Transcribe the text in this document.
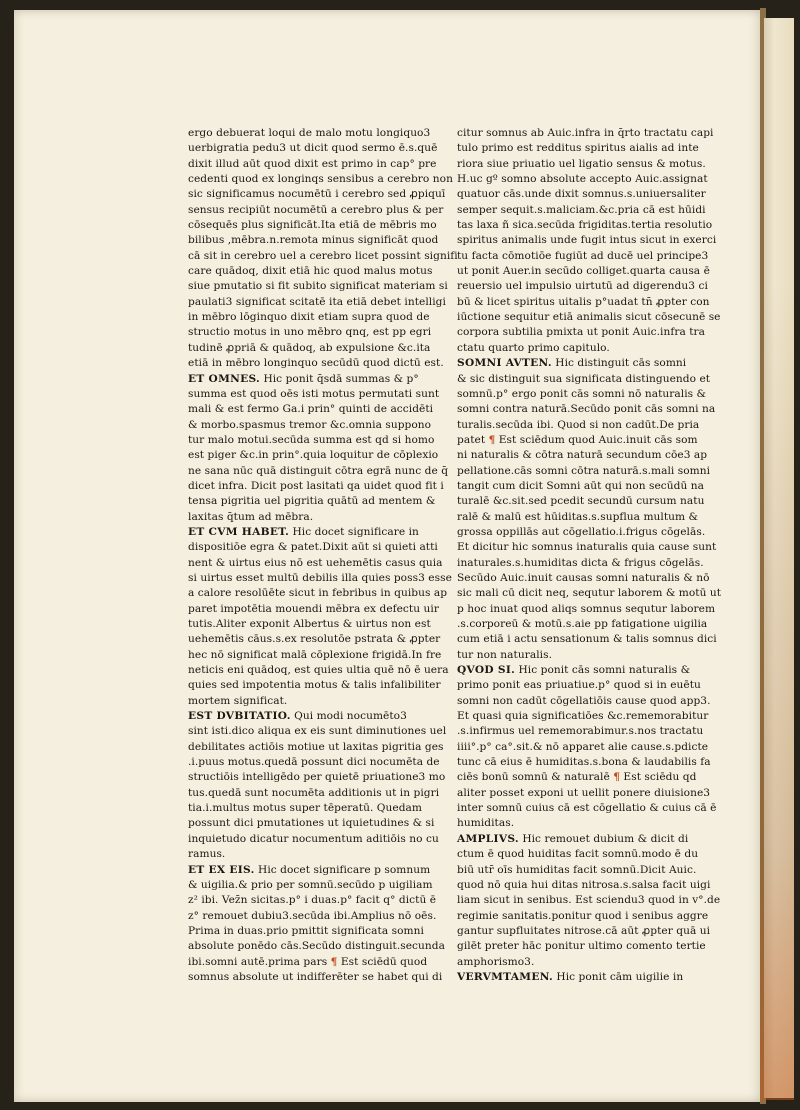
ergo debuerat loqui de malo motu longiquo3
uerbigratia pedu3 ut dicit quod sermo ē.s.quē
dixit illud aūt quod dixit est primo in cap° pre
cedenti quod ex longinqs sensibus a cerebro non
sic significamus nocumētū i cerebro sed ꝓpiquī
sensus recipiūt nocumētū a cerebro plus & per
cōsequēs plus significāt.Ita etiā de mēbris mo
bilibus ,mēbra.n.remota minus significāt quod
cā sit in cerebro uel a cerebro licet possint signifi
care quādoq, dixit etiā hic quod malus motus
siue pmutatio si fit subito significat materiam si
paulati3 significat scitatē ita etiā debet intelligi
in mēbro lōginquo dixit etiam supra quod de
structio motus in uno mēbro qnq, est pp egri
tudinē ꝓpriā & quādoq, ab expulsione &c.ita
etiā in mēbro longinquo secūdū quod dictū est.
ET OMNES. Hic ponit q̄sdā summas & p°
summa est quod oēs isti motus permutati sunt
mali & est fermo Ga.i prin° quinti de accidēti
& morbo.spasmus tremor &c.omnia suppono
tur malo motui.secūda summa est qd si homo
est piger &c.in prin°.quia loquitur de cōplexio
ne sana nūc quā distinguit cōtra egrā nunc de q̄
dicet infra. Dicit post lasitati qa uidet quod fit i
tensa pigritia uel pigritia quātū ad mentem &
laxitas q̄tum ad mēbra.
ET CVM HABET. Hic docet significare in
dispositiōe egra & patet.Dixit aūt si quieti atti
nent & uirtus eius nō est uehemētis casus quia
si uirtus esset multū debilis illa quies poss3 esse
a calore resolūēte sicut in febribus in quibus ap
paret impotētia mouendi mēbra ex defectu uir
tutis.Aliter exponit Albertus & uirtus non est
uehemētis cāus.s.ex resolutōe pstrata & ꝓpter
hec nō significat malā cōplexione frigidā.In fre
neticis eni quādoq, est quies ultia quē nō ē uera
quies sed impotentia motus & talis infalibiliter
mortem significat.
EST DVBITATIO. Qui modi nocumēto3
sint isti.dico aliqua ex eis sunt diminutiones uel
debilitates actiōis motiue ut laxitas pigritia ges
.i.puus motus.quedā possunt dici nocumēta de
structiōis intelligēdo per quietē priuatione3 mo
tus.quedā sunt nocumēta additionis ut in pigri
tia.i.multus motus super tēperatū. Quedam
possunt dici pmutationes ut iquietudines & si
inquietudo dicatur nocumentum aditiōis no cu
ramus.
ET EX EIS. Hic docet significare p somnum
& uigilia.& prio per somnū.secūdo p uigiliam
z² ibi. Vez̄n sicitas.p° i duas.p° facit q° dictū ē
z° remouet dubiu3.secūda ibi.Amplius nō oēs.
Prima in duas.prio pmittit significata somni
absolute ponēdo cās.Secūdo distinguit.secunda
ibi.somni autē.prima pars ¶ Est sciēdū quod
somnus absolute ut indifferēter se habet qui di
citur somnus ab Auic.infra in q̄rto tractatu capi
tulo primo est redditus spiritus aialis ad inte
riora siue priuatio uel ligatio sensus & motus.
H.uc gº somno absolute accepto Auic.assignat
quatuor cās.unde dixit somnus.s.uniuersaliter
semper sequit.s.maliciam.&c.pria cā est hūidi
tas laxa ñ sica.secūda frigiditas.tertia resolutio
spiritus animalis unde fugit intus sicut in exerci
tu facta cōmotiōe fugiūt ad ducē uel principe3
ut ponit Auer.in secūdo colliget.quarta causa ē
reuersio uel impulsio uirtutū ad digerendu3 ci
bū & licet spiritus uitalis p°uadat tn̄ ꝓpter con
iūctione sequitur etiā animalis sicut cōsecunē se
corpora subtilia pmixta ut ponit Auic.infra tra
ctatu quarto primo capitulo.
SOMNI AVTEN. Hic distinguit cās somni
& sic distinguit sua significata distinguendo et
somnū.p° ergo ponit cās somni nō naturalis &
somni contra naturā.Secūdo ponit cās somni na
turalis.secūda ibi. Quod si non cadūt.De pria
patet ¶ Est sciēdum quod Auic.inuit cās som
ni naturalis & cōtra naturā secundum cōe3 ap
pellatione.cās somni cōtra naturā.s.mali somni
tangit cum dicit Somni aūt qui non secūdū na
turalē &c.sit.sed pcedit secundū cursum natu
ralē & malū est hūiditas.s.supflua multum &
grossa oppillās aut cōgellatio.i.frigus cōgelās.
Et dicitur hic somnus inaturalis quia cause sunt
inaturales.s.humiditas dicta & frigus cōgelās.
Secūdo Auic.inuit causas somni naturalis & nō
sic mali cū dicit neq, sequtur laborem & motū ut
p hoc inuat quod aliqs somnus sequtur laborem
.s.corporeū & motū.s.aie pp fatigatione uigilia
cum etiā i actu sensationum & talis somnus dici
tur non naturalis.
QVOD SI. Hic ponit cās somni naturalis &
primo ponit eas priuatiue.p° quod si in euētu
somni non cadūt cōgellatiōis cause quod app3.
Et quasi quia significatiōes &c.rememorabitur
.s.infirmus uel rememorabimur.s.nos tractatu
iiii°.p° ca°.sit.& nō apparet alie cause.s.pdicte
tunc cā eius ē humiditas.s.bona & laudabilis fa
ciēs bonū somnū & naturalē ¶ Est sciēdu qd
aliter posset exponi ut uellit ponere diuisione3
inter somnū cuius cā est cōgellatio & cuius cā ē
humiditas.
AMPLIVS. Hic remouet dubium & dicit di
ctum ē quod huiditas facit somnū.modo ē du
biū utr̄ oīs humiditas facit somnū.Dicit Auic.
quod nō quia hui ditas nitrosa.s.salsa facit uigi
liam sicut in senibus. Est sciendu3 quod in v°.de
regimie sanitatis.ponitur quod i senibus aggre
gantur supfluitates nitrose.cā aūt ꝓpter quā ui
gilēt preter hāc ponitur ultimo comento tertie
amphorismo3.
VERVMTAMEN. Hic ponit cām uigilie in
